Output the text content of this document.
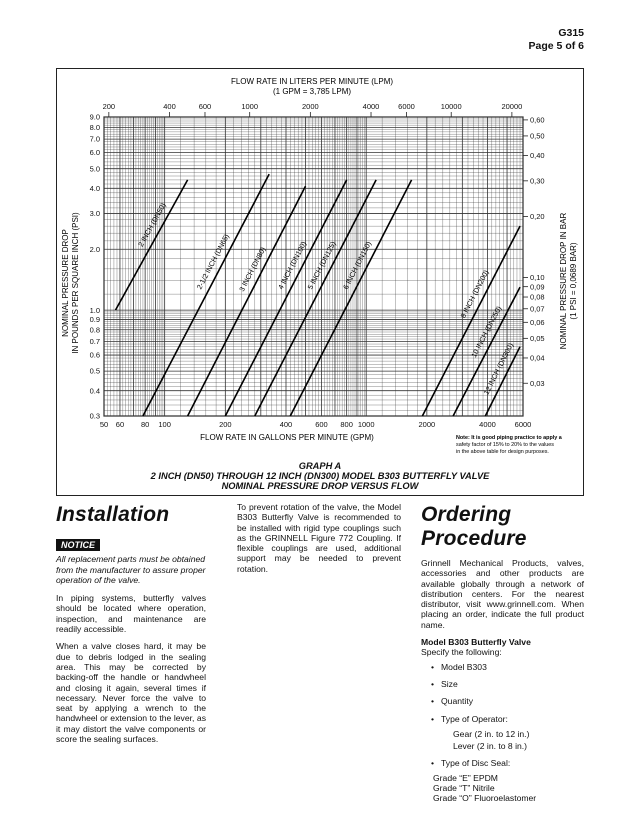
G315
Page 5 of 6
FLOW RATE IN LITERS PER MINUTE (LPM)
(1 GPM = 3,785 LPM)
FLOW RATE IN GALLONS PER MINUTE (GPM)
NOMINAL PRESSURE DROP IN POUNDS PER SQUARE INCH (PSI)	NOMINAL PRESSURE DROP IN BAR (1 PSI = 0,0689 BAR)
Note: It is good piping practice to apply a
safety factor of 15% to 20% to the values
in the above table for design purposes.
9.0
8.0
7.0
6.0
5.0
4.0
3.0
2.0
1.0
0.9
0.8
0.7
0.6
0.5
0.4
0.3
0,60
0,50
0,40
0,30
0,20
0,10
0,09
0,08
0,07
0,06
0,05
0,04
0,03
50 60 80 100	200	400	600 800 1000	2000	4000	6000
200	400	600	1000	2000	4000	6000	10000	20000
2 INCH (DN50)
2-1/2 INCH (DN65) 3 INCH (DN80) 4 INCH (DN100)
5 INCH (DN125) 6 INCH (DN150)
8 INCH (DN200)
10 INCH (DN250)
12 INCH (DN300)
GRAPH A
2 INCH (DN50) THROUGH 12 INCH (DN300) MODEL B303 BUTTERFLY VALVE
NOMINAL PRESSURE DROP VERSUS FLOW
Installation
NOTICE

All replacement parts must be obtained from the manufacturer to assure proper operation of the valve.

In piping systems, butterfly valves should be located where operation, inspection, and maintenance are readily accessible.

When a valve closes hard, it may be due to debris lodged in the sealing area. This may be corrected by backing-off the handle or handwheel and closing it again, several times if necessary. Never force the valve to seat by applying a wrench to the handwheel or extension to the lever, as it may distort the valve components or score the sealing surfaces.

To prevent rotation of the valve, the Model B303 Butterfly Valve is recommended to be installed with rigid type couplings such as the GRINNELL Figure 772 Coupling. If flexible couplings are used, additional support may be needed to prevent rotation.

Ordering
Procedure

Grinnell Mechanical Products, valves, accessories and other products are available globally through a network of distribution centers. For the nearest distributor, visit www.grinnell.com. When placing an order, indicate the full product name.

Model B303 Butterfly Valve
Specify the following:
• Model B303
• Size
• Quantity
• Type of Operator:
Gear (2 in. to 12 in.)
Lever (2 in. to 8 in.)
• Type of Disc Seal:
Grade “E” EPDM
Grade “T” Nitrile
Grade “O” Fluoroelastomer
